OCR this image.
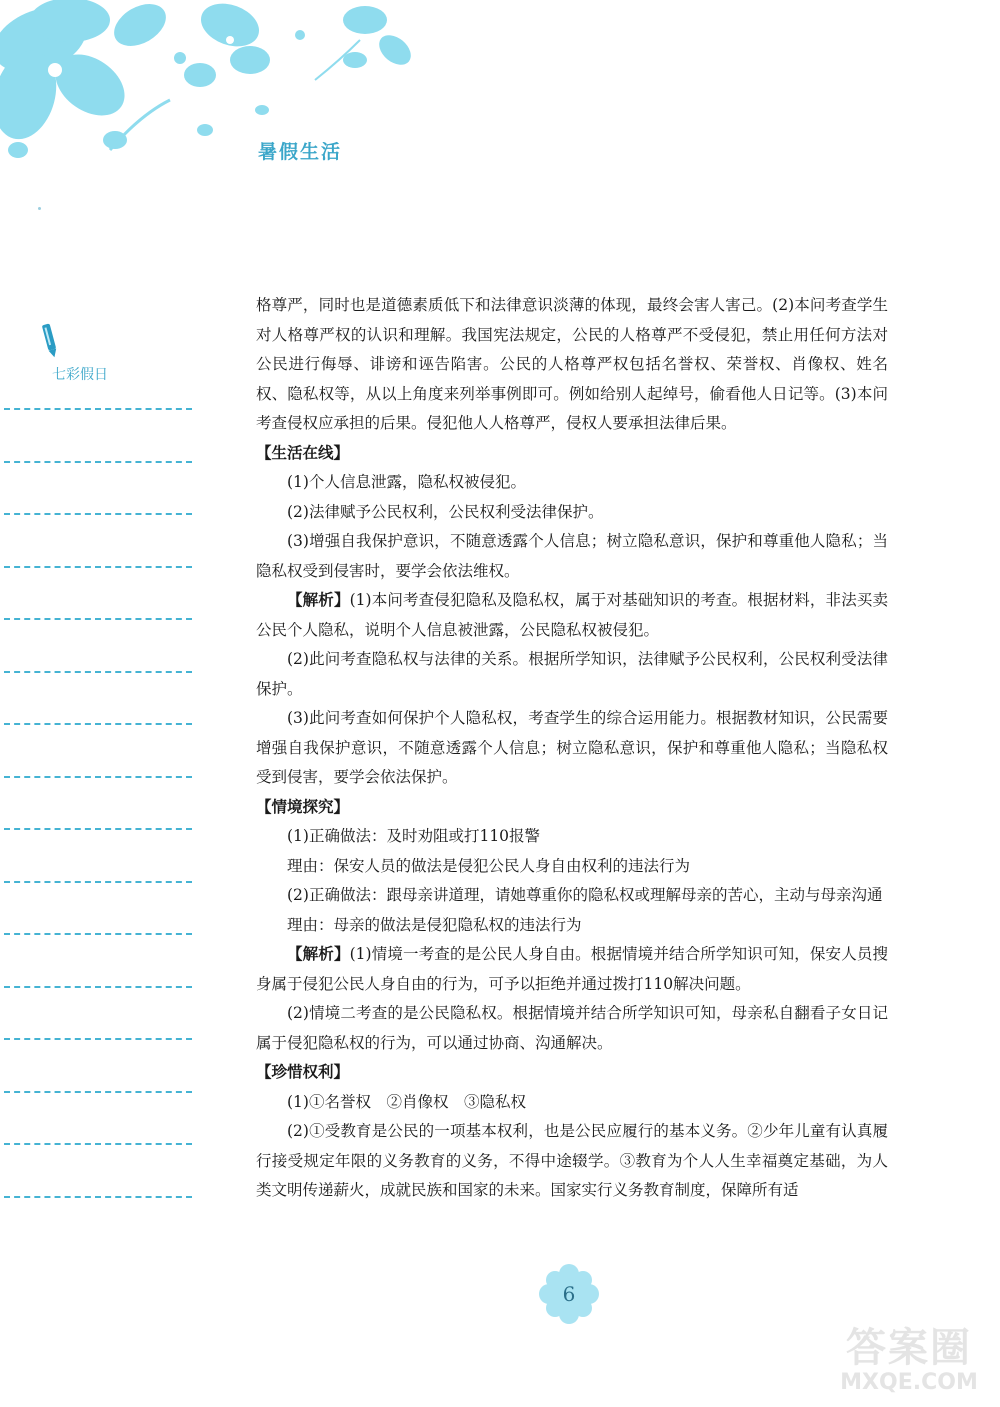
暑假生活
七彩假日

格尊严，同时也是道德素质低下和法律意识淡薄的体现，最终会害人害己。(2)本问考查学生对人格尊严权的认识和理解。我国宪法规定，公民的人格尊严不受侵犯，禁止用任何方法对公民进行侮辱、诽谤和诬告陷害。公民的人格尊严权包括名誉权、荣誉权、肖像权、姓名权、隐私权等，从以上角度来列举事例即可。例如给别人起绰号，偷看他人日记等。(3)本问考查侵权应承担的后果。侵犯他人人格尊严，侵权人要承担法律后果。

【生活在线】

(1)个人信息泄露，隐私权被侵犯。

(2)法律赋予公民权利，公民权利受法律保护。

(3)增强自我保护意识，不随意透露个人信息；树立隐私意识，保护和尊重他人隐私；当隐私权受到侵害时，要学会依法维权。

【解析】(1)本问考查侵犯隐私及隐私权，属于对基础知识的考查。根据材料，非法买卖公民个人隐私，说明个人信息被泄露，公民隐私权被侵犯。

(2)此问考查隐私权与法律的关系。根据所学知识，法律赋予公民权利，公民权利受法律保护。

(3)此问考查如何保护个人隐私权，考查学生的综合运用能力。根据教材知识，公民需要增强自我保护意识，不随意透露个人信息；树立隐私意识，保护和尊重他人隐私；当隐私权受到侵害，要学会依法保护。

【情境探究】

(1)正确做法：及时劝阻或打110报警

理由：保安人员的做法是侵犯公民人身自由权利的违法行为

(2)正确做法：跟母亲讲道理，请她尊重你的隐私权或理解母亲的苦心，主动与母亲沟通

理由：母亲的做法是侵犯隐私权的违法行为

【解析】(1)情境一考查的是公民人身自由。根据情境并结合所学知识可知，保安人员搜身属于侵犯公民人身自由的行为，可予以拒绝并通过拨打110解决问题。

(2)情境二考查的是公民隐私权。根据情境并结合所学知识可知，母亲私自翻看子女日记属于侵犯隐私权的行为，可以通过协商、沟通解决。

【珍惜权利】

(1)①名誉权　②肖像权　③隐私权

(2)①受教育是公民的一项基本权利，也是公民应履行的基本义务。②少年儿童有认真履行接受规定年限的义务教育的义务，不得中途辍学。③教育为个人人生幸福奠定基础，为人类文明传递薪火，成就民族和国家的未来。国家实行义务教育制度，保障所有适

6
答案圈
MXQE.COM
